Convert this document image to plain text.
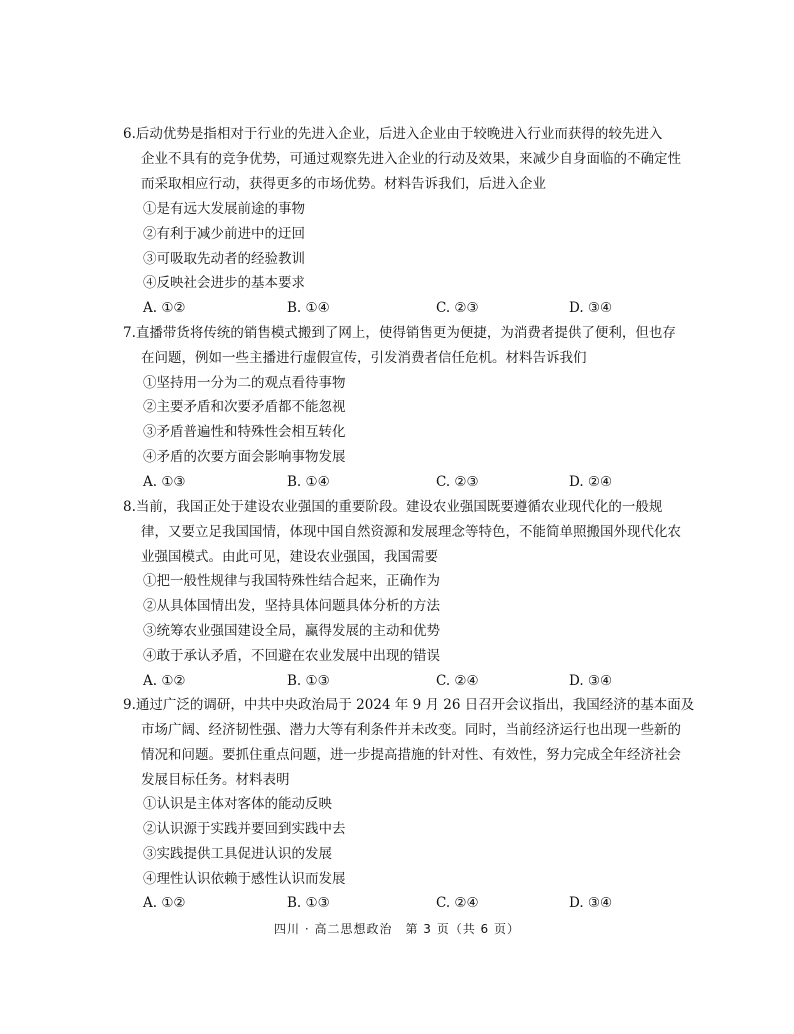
6.后动优势是指相对于行业的先进入企业，后进入企业由于较晚进入行业而获得的较先进入
企业不具有的竞争优势，可通过观察先进入企业的行动及效果，来减少自身面临的不确定性
而采取相应行动，获得更多的市场优势。材料告诉我们，后进入企业
①是有远大发展前途的事物
②有利于减少前进中的迂回
③可吸取先动者的经验教训
④反映社会进步的基本要求
A. ①②	B. ①④	C. ②③	D. ③④
7.直播带货将传统的销售模式搬到了网上，使得销售更为便捷，为消费者提供了便利，但也存
在问题，例如一些主播进行虚假宣传，引发消费者信任危机。材料告诉我们
①坚持用一分为二的观点看待事物
②主要矛盾和次要矛盾都不能忽视
③矛盾普遍性和特殊性会相互转化
④矛盾的次要方面会影响事物发展
A. ①③	B. ①④	C. ②③	D. ②④
8.当前，我国正处于建设农业强国的重要阶段。建设农业强国既要遵循农业现代化的一般规
律，又要立足我国国情，体现中国自然资源和发展理念等特色，不能简单照搬国外现代化农
业强国模式。由此可见，建设农业强国，我国需要
①把一般性规律与我国特殊性结合起来，正确作为
②从具体国情出发，坚持具体问题具体分析的方法
③统筹农业强国建设全局，赢得发展的主动和优势
④敢于承认矛盾，不回避在农业发展中出现的错误
A. ①②	B. ①③	C. ②④	D. ③④
9.通过广泛的调研，中共中央政治局于 2024 年 9 月 26 日召开会议指出，我国经济的基本面及
市场广阔、经济韧性强、潜力大等有利条件并未改变。同时，当前经济运行也出现一些新的
情况和问题。要抓住重点问题，进一步提高措施的针对性、有效性，努力完成全年经济社会
发展目标任务。材料表明
①认识是主体对客体的能动反映
②认识源于实践并要回到实践中去
③实践提供工具促进认识的发展
④理性认识依赖于感性认识而发展
A. ①②	B. ①③	C. ②④	D. ③④
四川 · 高二思想政治　第 3 页（共 6 页）
